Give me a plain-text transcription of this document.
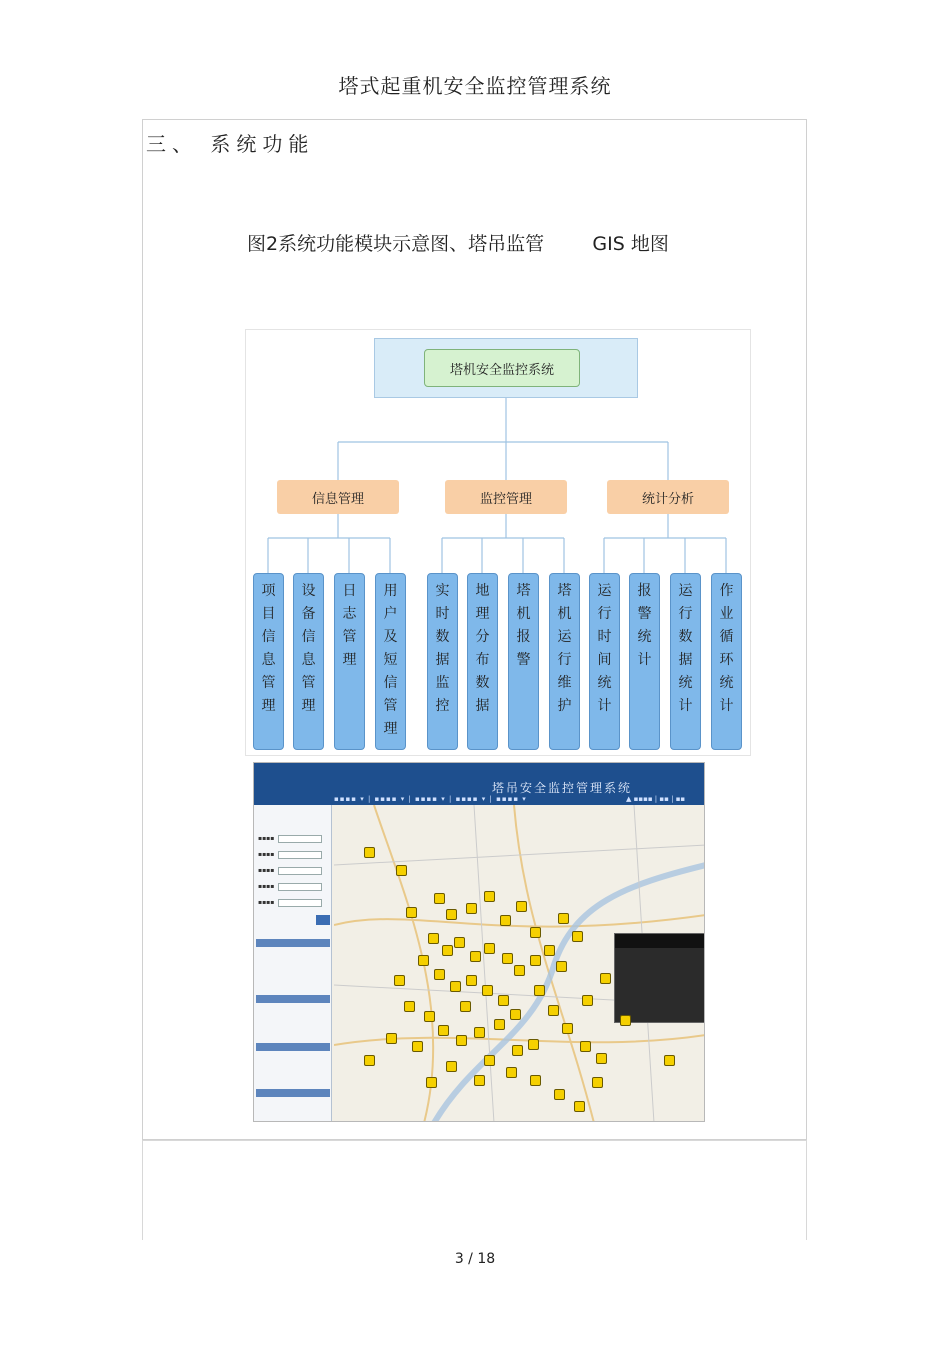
塔式起重机安全监控管理系统
三、 系统功能
图2系统功能模块示意图、塔吊监管        GIS 地图
塔机安全监控系统
信息管理	监控管理	统计分析
项
目
信
息
管
理
设
备
信
息
管
理
日
志
管
理
用
户
及
短
信
管
理
实
时
数
据
监
控
地
理
分
布
数
据
塔
机
报
警
塔
机
运
行
维
护
运
行
时
间
统
计
报
警
统
计
运
行
数
据
统
计
作
业
循
环
统
计
塔吊安全监控管理系统
▪▪▪▪ ▾ | ▪▪▪▪ ▾ | ▪▪▪▪ ▾ | ▪▪▪▪ ▾ | ▪▪▪▪ ▾	▲ ▪▪▪▪ | ▪▪ | ▪▪
▪▪▪▪
▪▪▪▪
▪▪▪▪
▪▪▪▪
▪▪▪▪
3 / 18
